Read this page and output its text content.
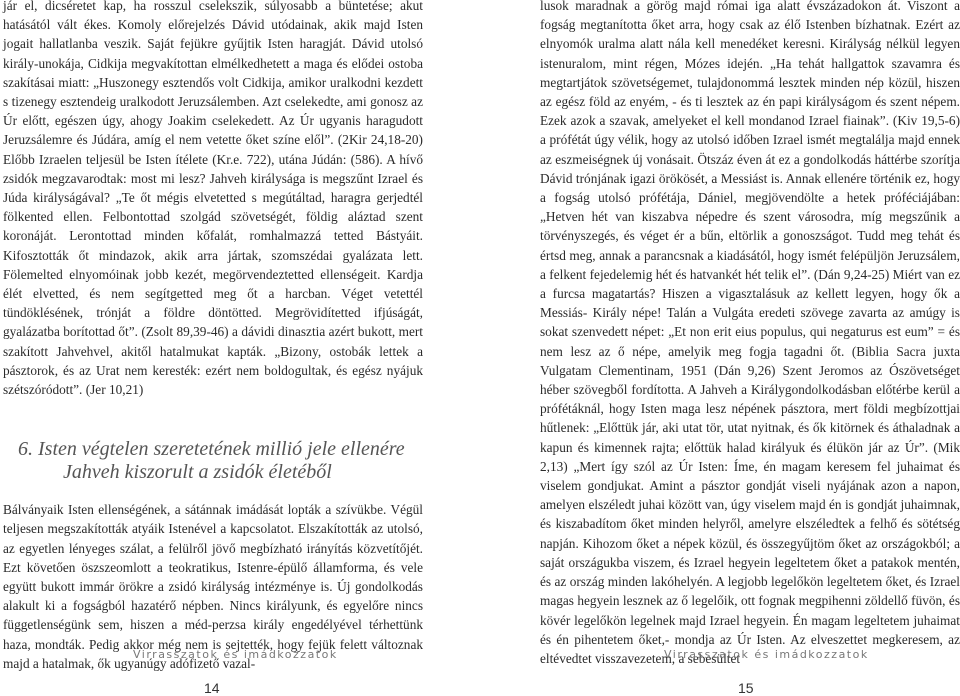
jár el, dicséretet kap, ha rosszul cselekszik, súlyosabb a büntetése; akut hatásától vált ékes. Komoly előrejelzés Dávid utódainak, akik majd Isten jogait hallatlanba veszik. Saját fejükre gyűjtik Isten haragját. Dávid utolsó király-unokája, Cidkija megvakítottan elmélkedhetett a maga és elődei ostoba szakításai miatt: „Huszonegy esztendős volt Cidkija, amikor uralkodni kezdett s tizenegy esztendeig uralkodott Jeruzsálemben. Azt cselekedte, ami gonosz az Úr előtt, egészen úgy, ahogy Joakim cselekedett. Az Úr ugyanis haragudott Jeruzsálemre és Júdára, amíg el nem vetette őket színe elől”. (2Kir 24,18-20) Előbb Izraelen teljesül be Isten ítélete (Kr.e. 722), utána Júdán: (586). A hívő zsidók megzavarodtak: most mi lesz? Jahveh királysága is megszűnt Izrael és Júda királyságával? „Te őt mégis elvetetted s megútáltad, haragra gerjedtél fölkented ellen. Felbontottad szolgád szövetségét, földig aláztad szent koronáját. Lerontottad minden kőfalát, romhalmazzá tetted Bástyáit. Kifosztották őt mindazok, akik arra jártak, szomszédai gyalázata lett. Fölemelted elnyomóinak jobb kezét, megörvendeztetted ellenségeit. Kardja élét elvetted, és nem segítgetted meg őt a harcban. Véget vetettél tündöklésének, trónját a földre döntötted. Megrövidítetted ifjúságát, gyalázatba borítottad őt”. (Zsolt 89,39-46) a dávidi dinasztia azért bukott, mert szakított Jahvehvel, akitől hatalmukat kapták. „Bizony, ostobák lettek a pásztorok, és az Urat nem keresték: ezért nem boldogultak, és egész nyájuk szétszóródott”. (Jer 10,21)

6. Isten végtelen szeretetének millió jele ellenére
Jahveh kiszorult a zsidók életéből

Bálványaik Isten ellenségének, a sátánnak imádását lopták a szívükbe. Végül teljesen megszakították atyáik Istenével a kapcsolatot. Elszakították az utolsó, az egyetlen lényeges szálat, a felülről jövő megbízható irányítás közvetítőjét. Ezt követően öszszeomlott a teokratikus, Istenre-épülő államforma, és vele együtt bukott immár örökre a zsidó királyság intézménye is. Új gondolkodás alakult ki a fogságból hazatérő népben. Nincs királyunk, és egyelőre nincs függetlenségünk sem, hiszen a méd-perzsa király engedélyével térhettünk haza, mondták. Pedig akkor még nem is sejtették, hogy fejük felett változnak majd a hatalmak, ők ugyanúgy adófizető vazal-

lusok maradnak a görög majd római iga alatt évszázadokon át. Viszont a fogság megtanította őket arra, hogy csak az élő Istenben bízhatnak. Ezért az elnyomók uralma alatt nála kell menedéket keresni. Királyság nélkül legyen istenuralom, mint régen, Mózes idején. „Ha tehát hallgattok szavamra és megtartjátok szövetségemet, tulajdonommá lesztek minden nép közül, hiszen az egész föld az enyém, - és ti lesztek az én papi királyságom és szent népem. Ezek azok a szavak, amelyeket el kell mondanod Izrael fiainak”. (Kiv 19,5-6) a prófétát úgy vélik, hogy az utolsó időben Izrael ismét megtalálja majd ennek az eszmeiségnek új vonásait. Ötszáz éven át ez a gondolkodás háttérbe szorítja Dávid trónjának igazi örökösét, a Messiást is. Annak ellenére történik ez, hogy a fogság utolsó prófétája, Dániel, megjövendölte a hetek próféciájában: „Hetven hét van kiszabva népedre és szent városodra, míg megszűnik a törvényszegés, és véget ér a bűn, eltörlik a gonoszságot. Tudd meg tehát és értsd meg, annak a parancsnak a kiadásától, hogy ismét felépüljön Jeruzsálem, a felkent fejedelemig hét és hatvankét hét telik el”. (Dán 9,24-25) Miért van ez a furcsa magatartás? Hiszen a vigasztalásuk az kellett legyen, hogy ők a Messiás- Király népe! Talán a Vulgáta eredeti szövege zavarta az amúgy is sokat szenvedett népet: „Et non erit eius populus, qui negaturus est eum” = és nem lesz az ő népe, amelyik meg fogja tagadni őt. (Biblia Sacra juxta Vulgatam Clementinam, 1951 (Dán 9,26) Szent Jeromos az Ószövetséget héber szövegből fordította. A Jahveh a Királygondolkodásban előtérbe kerül a prófétáknál, hogy Isten maga lesz népének pásztora, mert földi megbízottjai hűtlenek: „Előttük jár, aki utat tör, utat nyitnak, és ők kitörnek és áthaladnak a kapun és kimennek rajta; előttük halad királyuk és élükön jár az Úr”. (Mik 2,13) „Mert így szól az Úr Isten: Íme, én magam keresem fel juhaimat és viselem gondjukat. Amint a pásztor gondját viseli nyájának azon a napon, amelyen elszéledt juhai között van, úgy viselem majd én is gondját juhaimnak, és kiszabadítom őket minden helyről, amelyre elszéledtek a felhő és sötétség napján. Kihozom őket a népek közül, és összegyűjtöm őket az országokból; a saját országukba viszem, és Izrael hegyein legeltetem őket a patakok mentén, és az ország minden lakóhelyén. A legjobb legelőkön legeltetem őket, és Izrael magas hegyein lesznek az ő legelőik, ott fognak megpihenni zöldellő füvön, és kövér legelőkön legelnek majd Izrael hegyein. Én magam legeltetem juhaimat és én pihentetem őket,- mondja az Úr Isten. Az elveszettet megkeresem, az eltévedtet visszavezetem, a sebesültet

Virrasszatok és imádkozzatok
14
Virrasszatok és imádkozzatok
15
